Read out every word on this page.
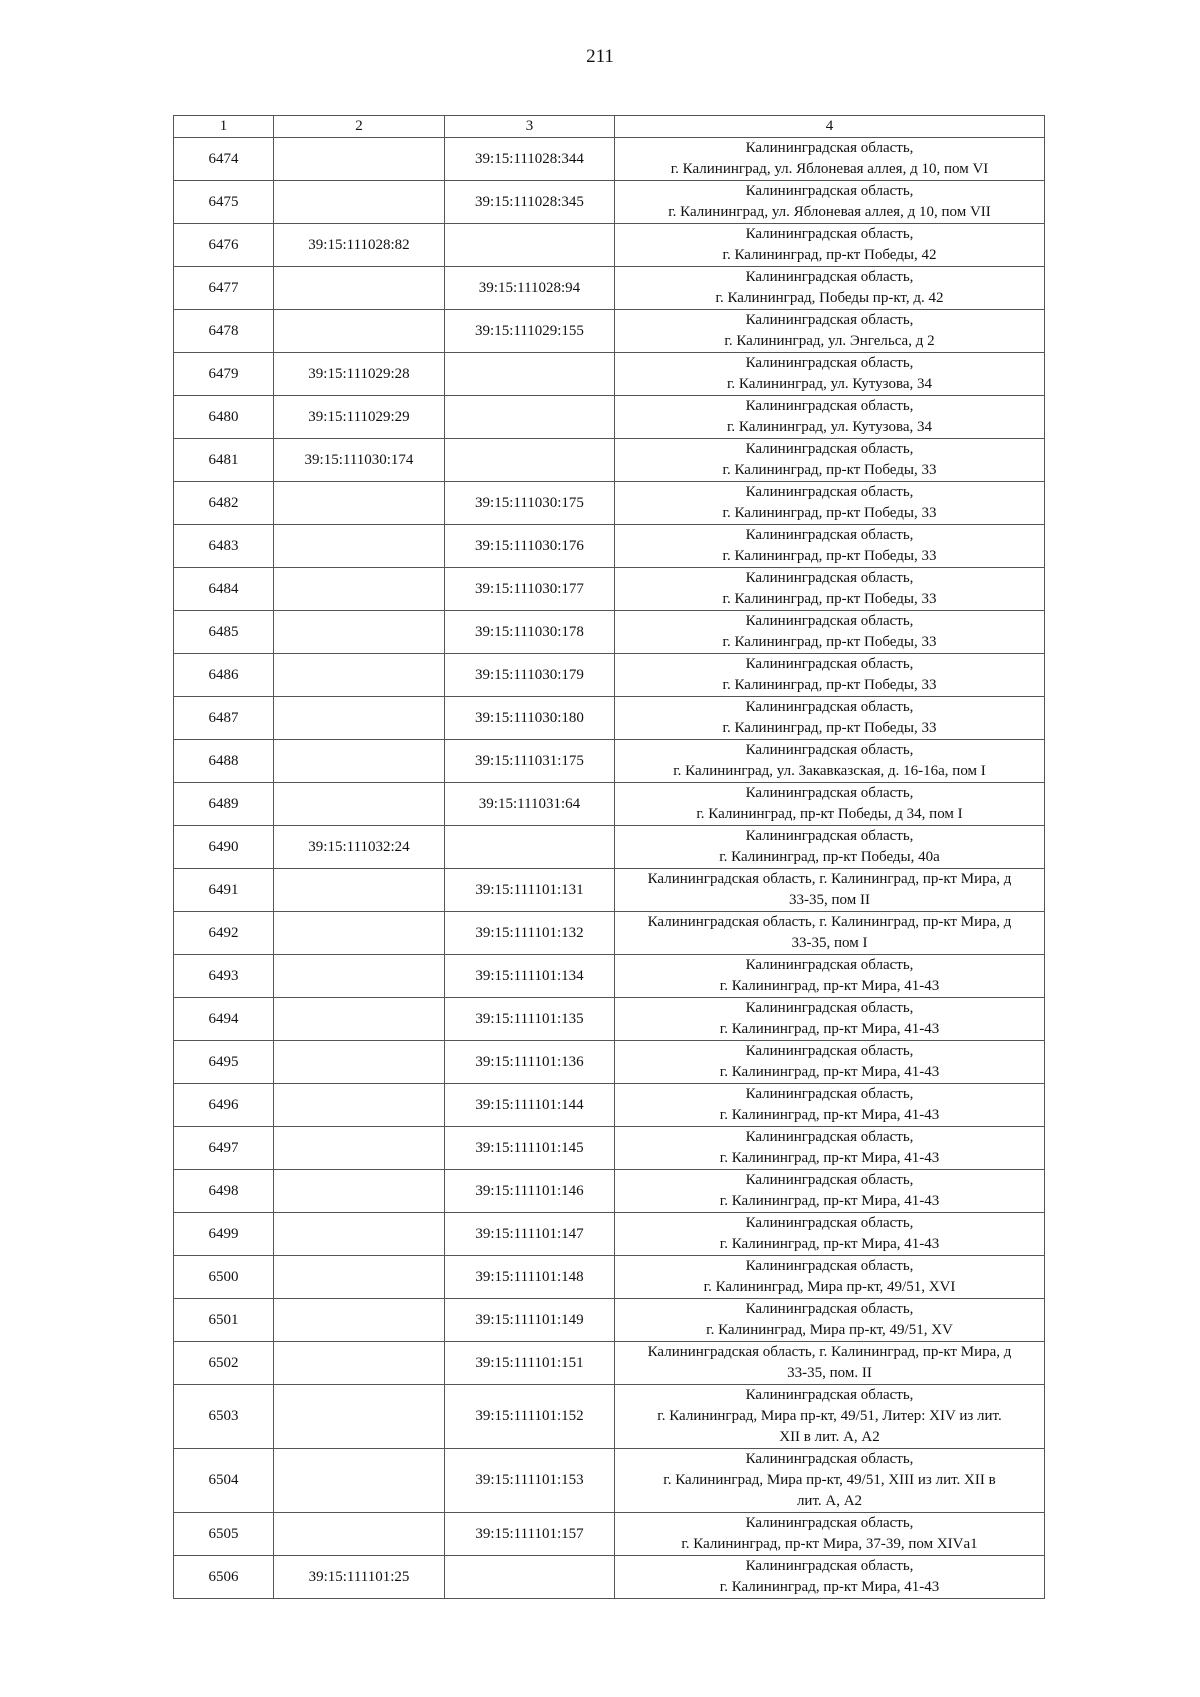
211
1	2	3	4
6474		39:15:111028:344	Калининградская область,
г. Калининград, ул. Яблоневая аллея, д 10, пом VI

6475		39:15:111028:345	Калининградская область,
г. Калининград, ул. Яблоневая аллея, д 10, пом VII

6476	39:15:111028:82		Калининградская область,
г. Калининград, пр-кт Победы, 42

6477		39:15:111028:94	Калининградская область,
г. Калининград, Победы пр-кт, д. 42

6478		39:15:111029:155	Калининградская область,
г. Калининград, ул. Энгельса, д 2

6479	39:15:111029:28		Калининградская область,
г. Калининград, ул. Кутузова, 34

6480	39:15:111029:29		Калининградская область,
г. Калининград, ул. Кутузова, 34

6481	39:15:111030:174		Калининградская область,
г. Калининград, пр-кт Победы, 33

6482		39:15:111030:175	Калининградская область,
г. Калининград, пр-кт Победы, 33

6483		39:15:111030:176	Калининградская область,
г. Калининград, пр-кт Победы, 33

6484		39:15:111030:177	Калининградская область,
г. Калининград, пр-кт Победы, 33

6485		39:15:111030:178	Калининградская область,
г. Калининград, пр-кт Победы, 33

6486		39:15:111030:179	Калининградская область,
г. Калининград, пр-кт Победы, 33

6487		39:15:111030:180	Калининградская область,
г. Калининград, пр-кт Победы, 33

6488		39:15:111031:175	Калининградская область,
г. Калининград, ул. Закавказская, д. 16-16а, пом I

6489		39:15:111031:64	Калининградская область,
г. Калининград, пр-кт Победы, д 34, пом I

6490	39:15:111032:24		Калининградская область,
г. Калининград, пр-кт Победы, 40а

6491		39:15:111101:131	Калининградская область, г. Калининград, пр-кт Мира, д
33-35, пом II

6492		39:15:111101:132	Калининградская область, г. Калининград, пр-кт Мира, д
33-35, пом I

6493		39:15:111101:134	Калининградская область,
г. Калининград, пр-кт Мира, 41-43

6494		39:15:111101:135	Калининградская область,
г. Калининград, пр-кт Мира, 41-43

6495		39:15:111101:136	Калининградская область,
г. Калининград, пр-кт Мира, 41-43

6496		39:15:111101:144	Калининградская область,
г. Калининград, пр-кт Мира, 41-43

6497		39:15:111101:145	Калининградская область,
г. Калининград, пр-кт Мира, 41-43

6498		39:15:111101:146	Калининградская область,
г. Калининград, пр-кт Мира, 41-43

6499		39:15:111101:147	Калининградская область,
г. Калининград, пр-кт Мира, 41-43

6500		39:15:111101:148	Калининградская область,
г. Калининград, Мира пр-кт, 49/51, XVI

6501		39:15:111101:149	Калининградская область,
г. Калининград, Мира пр-кт, 49/51, XV

6502		39:15:111101:151	Калининградская область, г. Калининград, пр-кт Мира, д
33-35, пом. II

6503		39:15:111101:152	Калининградская область,
г. Калининград, Мира пр-кт, 49/51, Литер: XIV из лит.
XII в лит. А, А2

6504		39:15:111101:153	Калининградская область,
г. Калининград, Мира пр-кт, 49/51, XIII из лит. XII в
лит. А, А2

6505		39:15:111101:157	Калининградская область,
г. Калининград, пр-кт Мира, 37-39, пом XIVа1

6506	39:15:111101:25		Калининградская область,
г. Калининград, пр-кт Мира, 41-43
